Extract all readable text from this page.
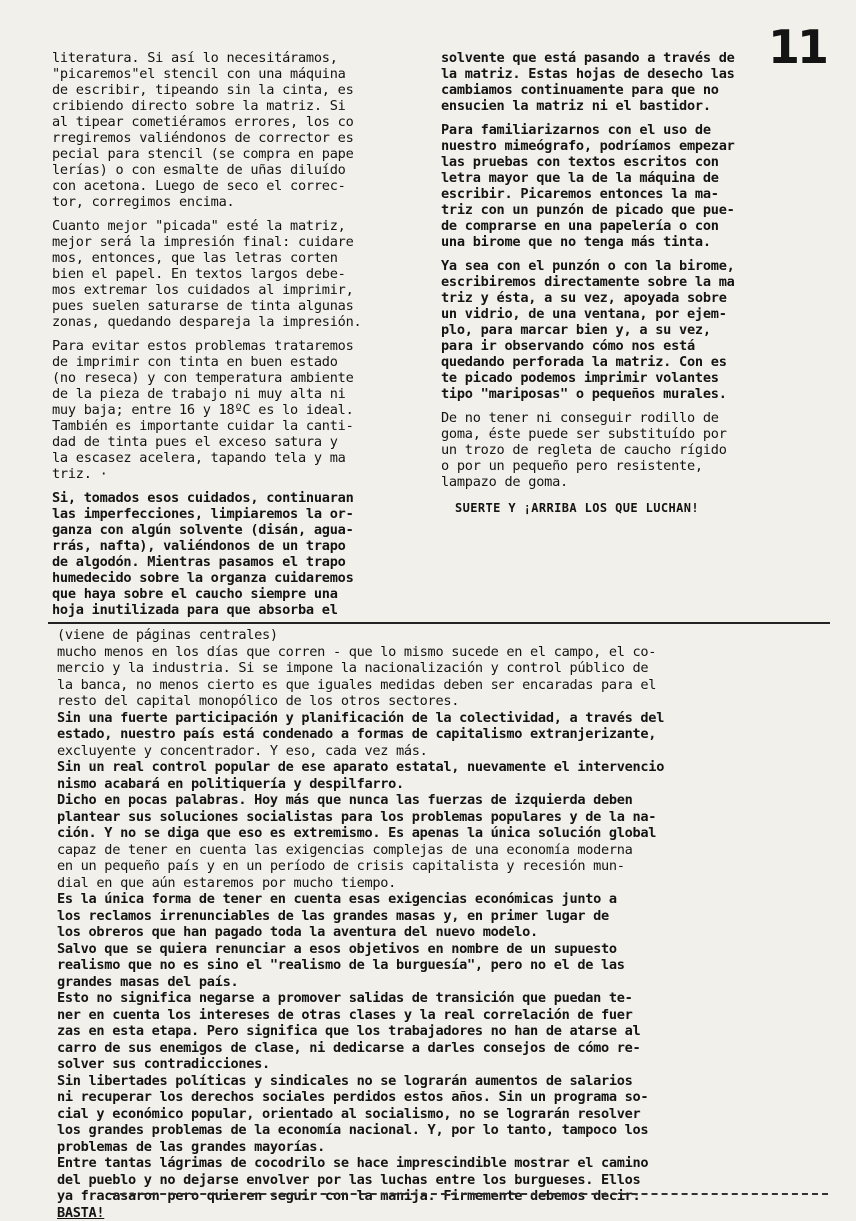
11
literatura. Si así lo necesitáramos,
"picaremos"el stencil con una máquina
de escribir, tipeando sin la cinta, es
cribiendo directo sobre la matriz. Si
al tipear cometiéramos errores, los co
rregiremos valiéndonos de corrector es
pecial para stencil (se compra en pape
lerías) o con esmalte de uñas diluído
con acetona. Luego de seco el correc-
tor, corregimos encima.
Cuanto mejor "picada" esté la matriz,
mejor será la impresión final: cuidare
mos, entonces, que las letras corten
bien el papel. En textos largos debe-
mos extremar los cuidados al imprimir,
pues suelen saturarse de tinta algunas
zonas, quedando despareja la impresión.
Para evitar estos problemas trataremos
de imprimir con tinta en buen estado
(no reseca) y con temperatura ambiente
de la pieza de trabajo ni muy alta ni
muy baja; entre 16 y 18ºC es lo ideal.
También es importante cuidar la canti-
dad de tinta pues el exceso satura y
la escasez acelera, tapando tela y ma
triz. ·
Si, tomados esos cuidados, continuaran
las imperfecciones, limpiaremos la or-
ganza con algún solvente (disán, agua-
rrás, nafta), valiéndonos de un trapo
de algodón. Mientras pasamos el trapo
humedecido sobre la organza cuidaremos
que haya sobre el caucho siempre una
hoja inutilizada para que absorba el
solvente que está pasando a través de
la matriz. Estas hojas de desecho las
cambiamos continuamente para que no
ensucien la matriz ni el bastidor.
Para familiarizarnos con el uso de
nuestro mimeógrafo, podríamos empezar
las pruebas con textos escritos con
letra mayor que la de la máquina de
escribir. Picaremos entonces la ma-
triz con un punzón de picado que pue-
de comprarse en una papelería o con
una birome que no tenga más tinta.
Ya sea con el punzón o con la birome,
escribiremos directamente sobre la ma
triz y ésta, a su vez, apoyada sobre
un vidrio, de una ventana, por ejem-
plo, para marcar bien y, a su vez,
para ir observando cómo nos está
quedando perforada la matriz. Con es
te picado podemos imprimir volantes
tipo "mariposas" o pequeños murales.
De no tener ni conseguir rodillo de
goma, éste puede ser substituído por
un trozo de regleta de caucho rígido
o por un pequeño pero resistente,
lampazo de goma.
SUERTE Y ¡ARRIBA LOS QUE LUCHAN!
(viene de páginas centrales)
mucho menos en los días que corren - que lo mismo sucede en el campo, el co-
mercio y la industria. Si se impone la nacionalización y control público de
la banca, no menos cierto es que iguales medidas deben ser encaradas para el
resto del capital monopólico de los otros sectores.
Sin una fuerte participación y planificación de la colectividad, a través del
estado, nuestro país está condenado a formas de capitalismo extranjerizante,
excluyente y concentrador. Y eso, cada vez más.
Sin un real control popular de ese aparato estatal, nuevamente el intervencio
nismo acabará en politiquería y despilfarro.
Dicho en pocas palabras. Hoy más que nunca las fuerzas de izquierda deben
plantear sus soluciones socialistas para los problemas populares y de la na-
ción. Y no se diga que eso es extremismo. Es apenas la única solución global
capaz de tener en cuenta las exigencias complejas de una economía moderna
en un pequeño país y en un período de crisis capitalista y recesión mun-
dial en que aún estaremos por mucho tiempo.
Es la única forma de tener en cuenta esas exigencias económicas junto a
los reclamos irrenunciables de las grandes masas y, en primer lugar de
los obreros que han pagado toda la aventura del nuevo modelo.
Salvo que se quiera renunciar a esos objetivos en nombre de un supuesto
realismo que no es sino el "realismo de la burguesía", pero no el de las
grandes masas del país.
Esto no significa negarse a promover salidas de transición que puedan te-
ner en cuenta los intereses de otras clases y la real correlación de fuer
zas en esta etapa. Pero significa que los trabajadores no han de atarse al
carro de sus enemigos de clase, ni dedicarse a darles consejos de cómo re-
solver sus contradicciones.
Sin libertades políticas y sindicales no se lograrán aumentos de salarios
ni recuperar los derechos sociales perdidos estos años. Sin un programa so-
cial y económico popular, orientado al socialismo, no se lograrán resolver
los grandes problemas de la economía nacional. Y, por lo tanto, tampoco los
problemas de las grandes mayorías.
Entre tantas lágrimas de cocodrilo se hace imprescindible mostrar el camino
del pueblo y no dejarse envolver por las luchas entre los burgueses. Ellos
ya fracasaron pero quieren seguir con la manija. Firmemente debemos decir:
BASTA!
